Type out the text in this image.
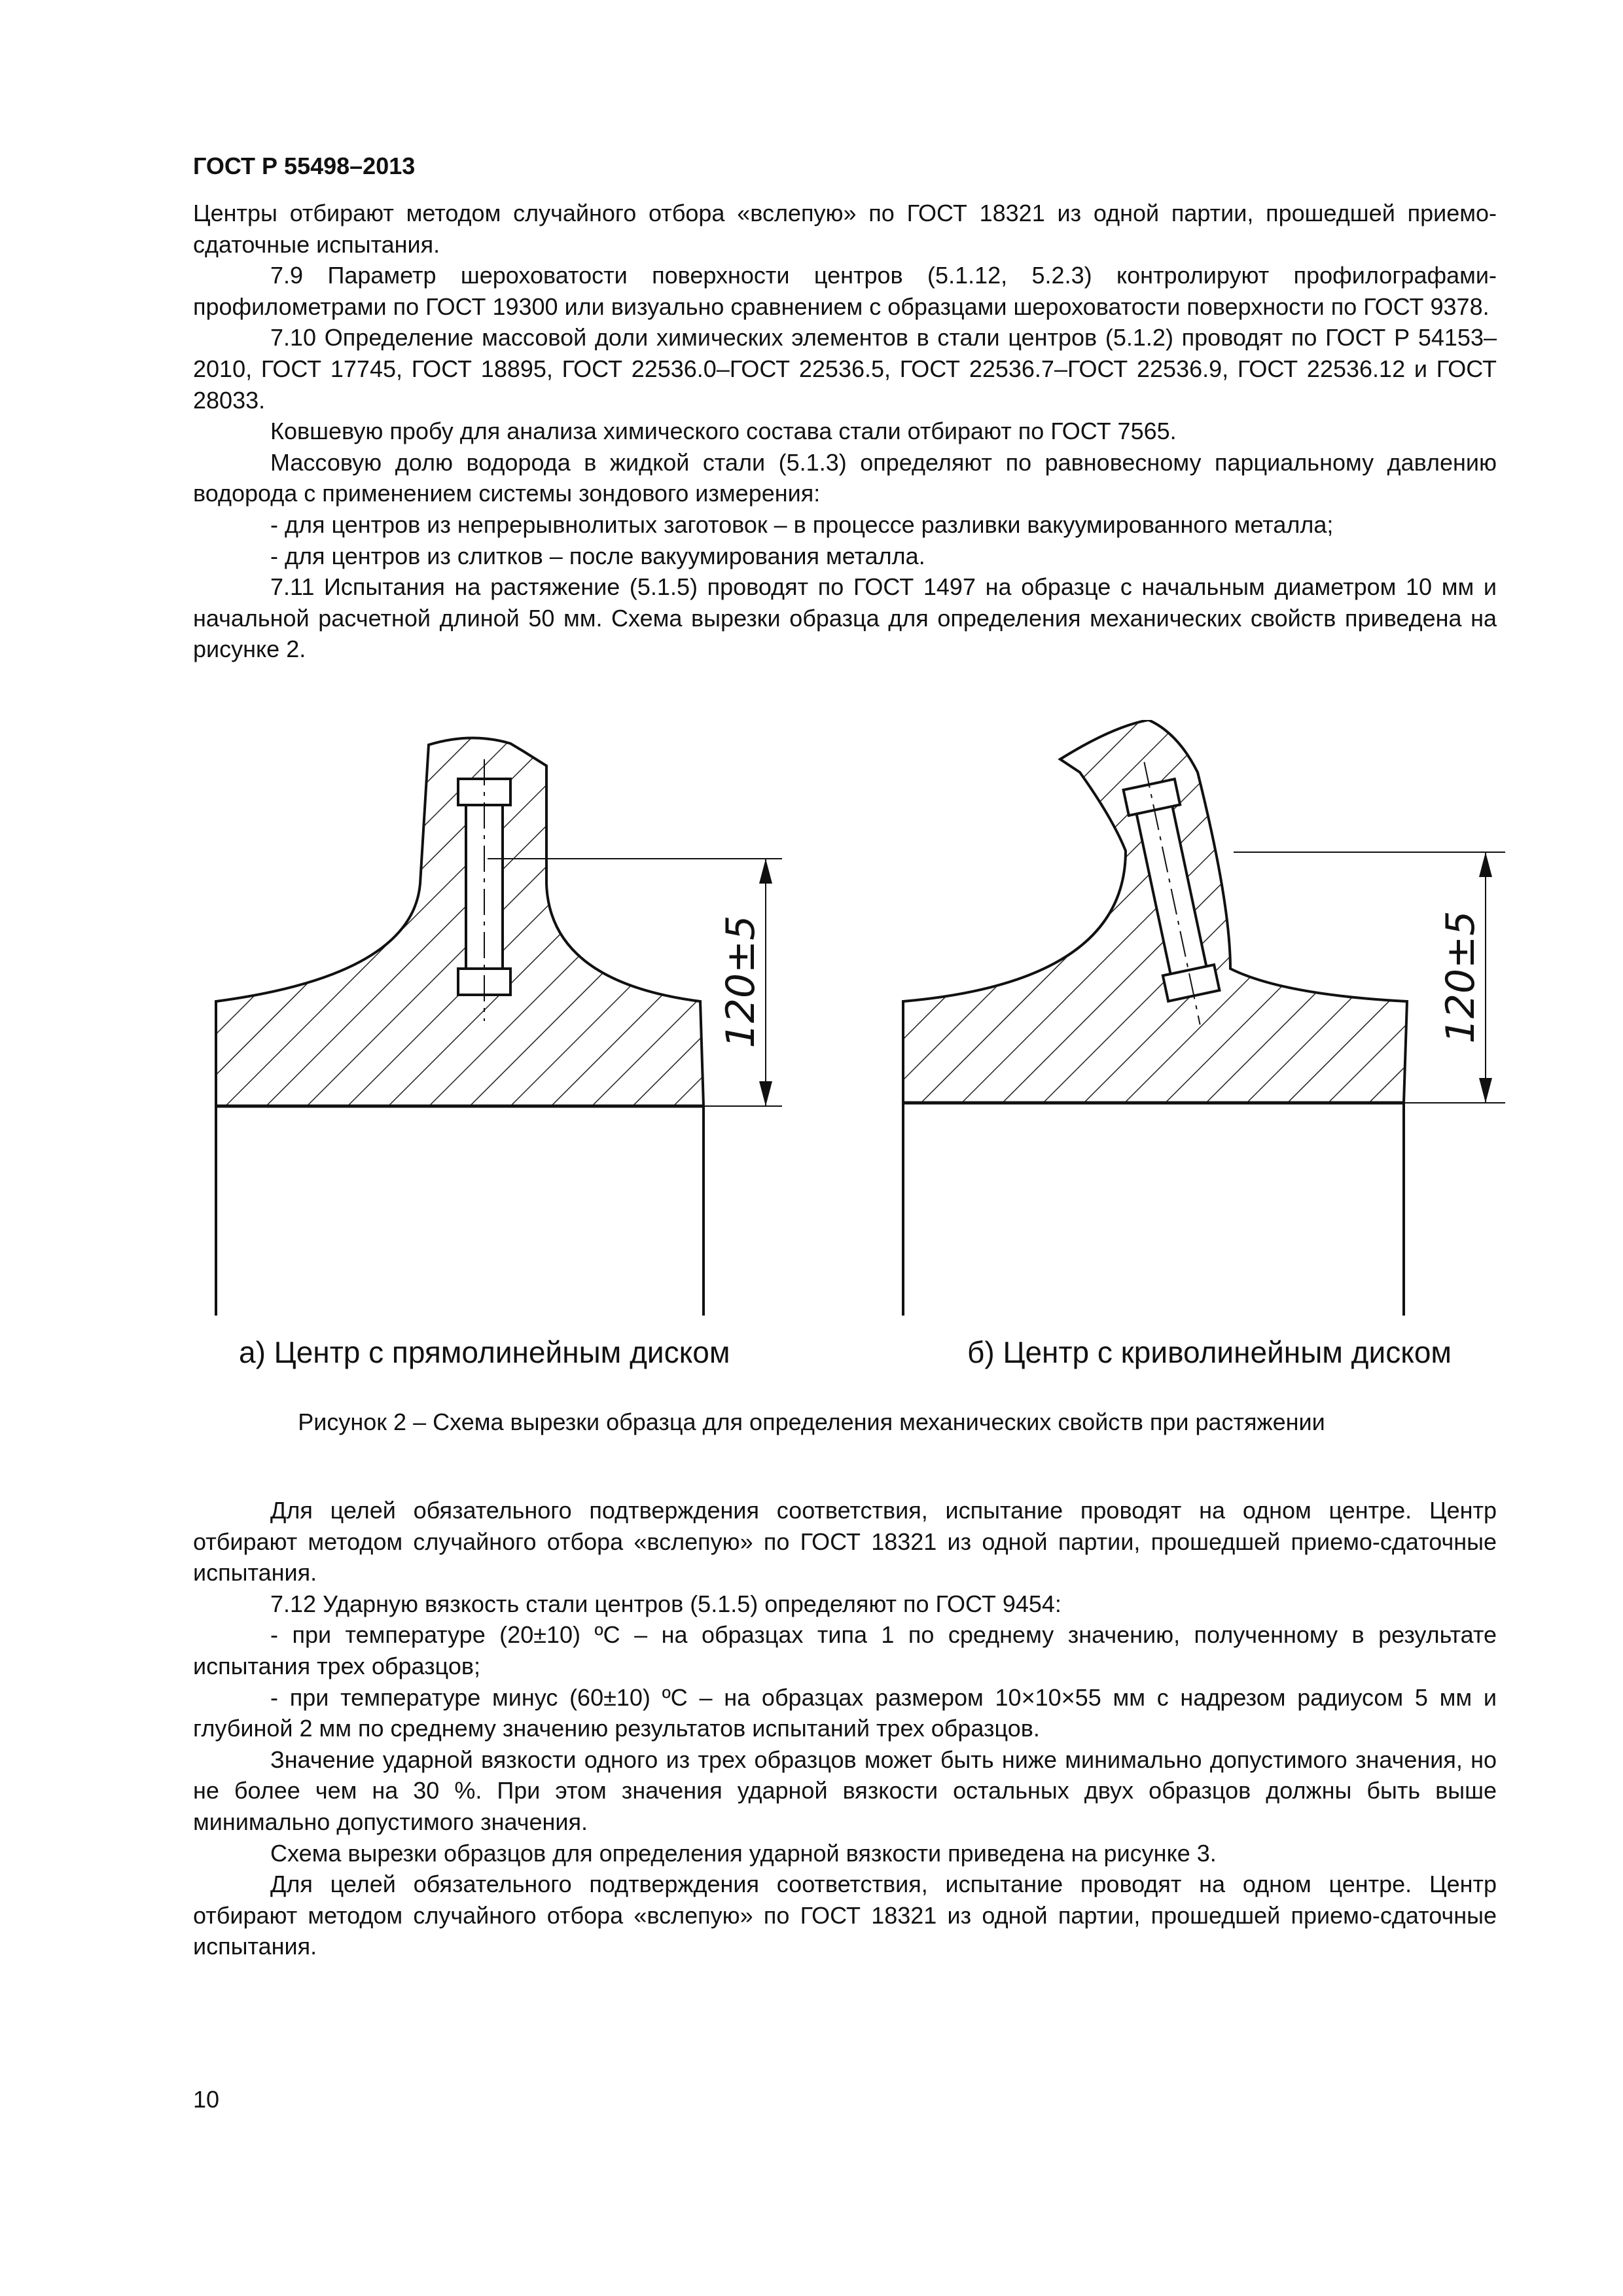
ГОСТ Р 55498–2013

Центры отбирают методом случайного отбора «вслепую» по ГОСТ 18321 из одной партии, прошедшей приемо-сдаточные испытания.

7.9 Параметр шероховатости поверхности центров (5.1.12, 5.2.3) контролируют профилографами-профилометрами по ГОСТ 19300 или визуально сравнением с образцами шероховатости поверхности по ГОСТ 9378.

7.10 Определение массовой доли химических элементов в стали центров (5.1.2) проводят по ГОСТ Р 54153–2010, ГОСТ 17745, ГОСТ 18895, ГОСТ 22536.0–ГОСТ 22536.5, ГОСТ 22536.7–ГОСТ 22536.9, ГОСТ 22536.12 и ГОСТ 28033.

Ковшевую пробу для анализа химического состава стали отбирают по ГОСТ 7565.

Массовую долю водорода в жидкой стали (5.1.3) определяют по равновесному парциальному давлению водорода с применением системы зондового измерения:

- для центров из непрерывнолитых заготовок – в процессе разливки вакуумированного металла;

- для центров из слитков – после вакуумирования металла.

7.11 Испытания на растяжение (5.1.5) проводят по ГОСТ 1497 на образце с начальным диаметром 10 мм и начальной расчетной длиной 50 мм. Схема вырезки образца для определения механических свойств приведена на рисунке 2.

120±5	120±5
а) Центр с прямолинейным диском	б) Центр с криволинейным диском
Рисунок 2 – Схема вырезки образца для определения механических свойств при растяжении

Для целей обязательного подтверждения соответствия, испытание проводят на одном центре. Центр отбирают методом случайного отбора «вслепую» по ГОСТ 18321 из одной партии, прошедшей приемо-сдаточные испытания.

7.12 Ударную вязкость стали центров (5.1.5) определяют по ГОСТ 9454:

- при температуре (20±10) ºС – на образцах типа 1 по среднему значению, полученному в результате испытания трех образцов;

- при температуре минус (60±10) ºС – на образцах размером 10×10×55 мм с надрезом радиусом 5 мм и глубиной 2 мм по среднему значению результатов испытаний трех образцов.

Значение ударной вязкости одного из трех образцов может быть ниже минимально допустимого значения, но не более чем на 30 %. При этом значения ударной вязкости остальных двух образцов должны быть выше минимально допустимого значения.

Схема вырезки образцов для определения ударной вязкости приведена на рисунке 3.

Для целей обязательного подтверждения соответствия, испытание проводят на одном центре. Центр отбирают методом случайного отбора «вслепую» по ГОСТ 18321 из одной партии, прошедшей приемо-сдаточные испытания.

10
